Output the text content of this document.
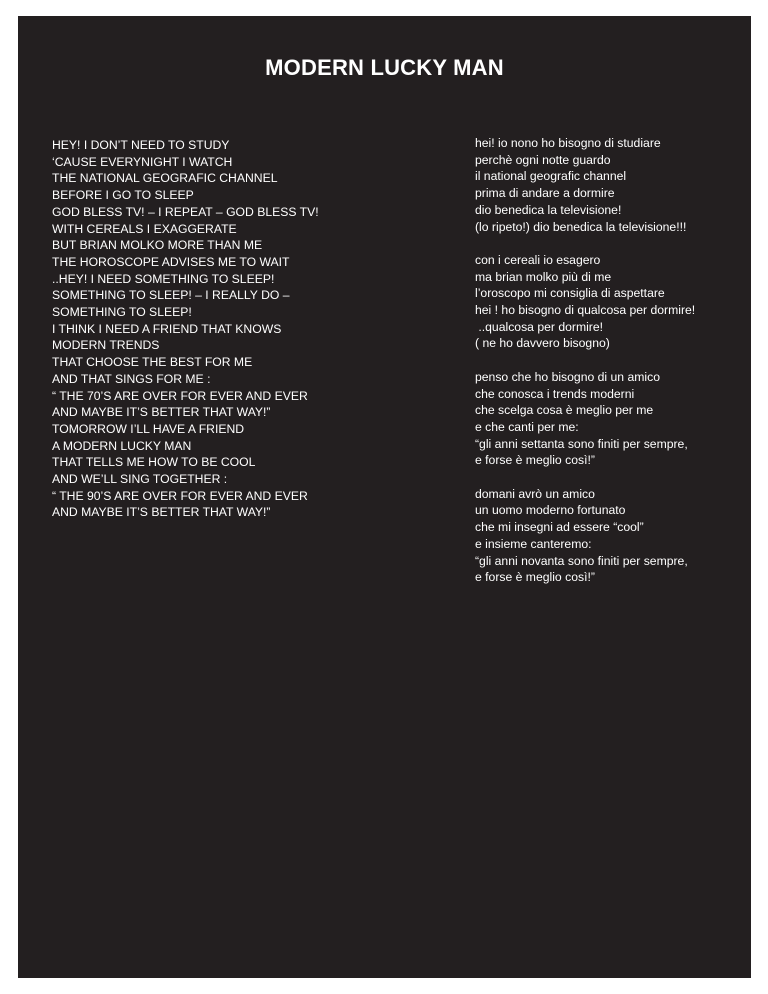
MODERN LUCKY MAN
HEY! I DON’T NEED TO STUDY
‘CAUSE EVERYNIGHT I WATCH
THE NATIONAL GEOGRAFIC CHANNEL
BEFORE I GO TO SLEEP
GOD BLESS TV! – I REPEAT – GOD BLESS TV!
WITH CEREALS I EXAGGERATE
BUT BRIAN MOLKO MORE THAN ME
THE HOROSCOPE ADVISES ME TO WAIT
..HEY! I NEED SOMETHING TO SLEEP!
SOMETHING TO SLEEP! – I REALLY DO –
SOMETHING TO SLEEP!
I THINK I NEED A FRIEND THAT KNOWS
MODERN TRENDS
THAT CHOOSE THE BEST FOR ME
AND THAT SINGS FOR ME :
“ THE 70’S ARE OVER FOR EVER AND EVER
AND MAYBE IT’S BETTER THAT WAY!”
TOMORROW I’LL HAVE A FRIEND
A MODERN LUCKY MAN
THAT TELLS ME HOW TO BE COOL
AND WE’LL SING TOGETHER :
“ THE 90’S ARE OVER FOR EVER AND EVER
AND MAYBE IT’S BETTER THAT WAY!”
hei! io nono ho bisogno di studiare
perchè ogni notte guardo
il national geografic channel
prima di andare a dormire
dio benedica la televisione!
(lo ripeto!) dio benedica la televisione!!!
con i cereali io esagero
ma brian molko più di me
l’oroscopo mi consiglia di aspettare
hei ! ho bisogno di qualcosa per dormire!
..qualcosa per dormire!
( ne ho davvero bisogno)
penso che ho bisogno di un amico
che conosca i trends moderni
che scelga cosa è meglio per me
e che canti per me:
“gli anni settanta sono finiti per sempre,
e forse è meglio così!”
domani avrò un amico
un uomo moderno fortunato
che mi insegni ad essere “cool”
e insieme canteremo:
“gli anni novanta sono finiti per sempre,
e forse è meglio così!”
